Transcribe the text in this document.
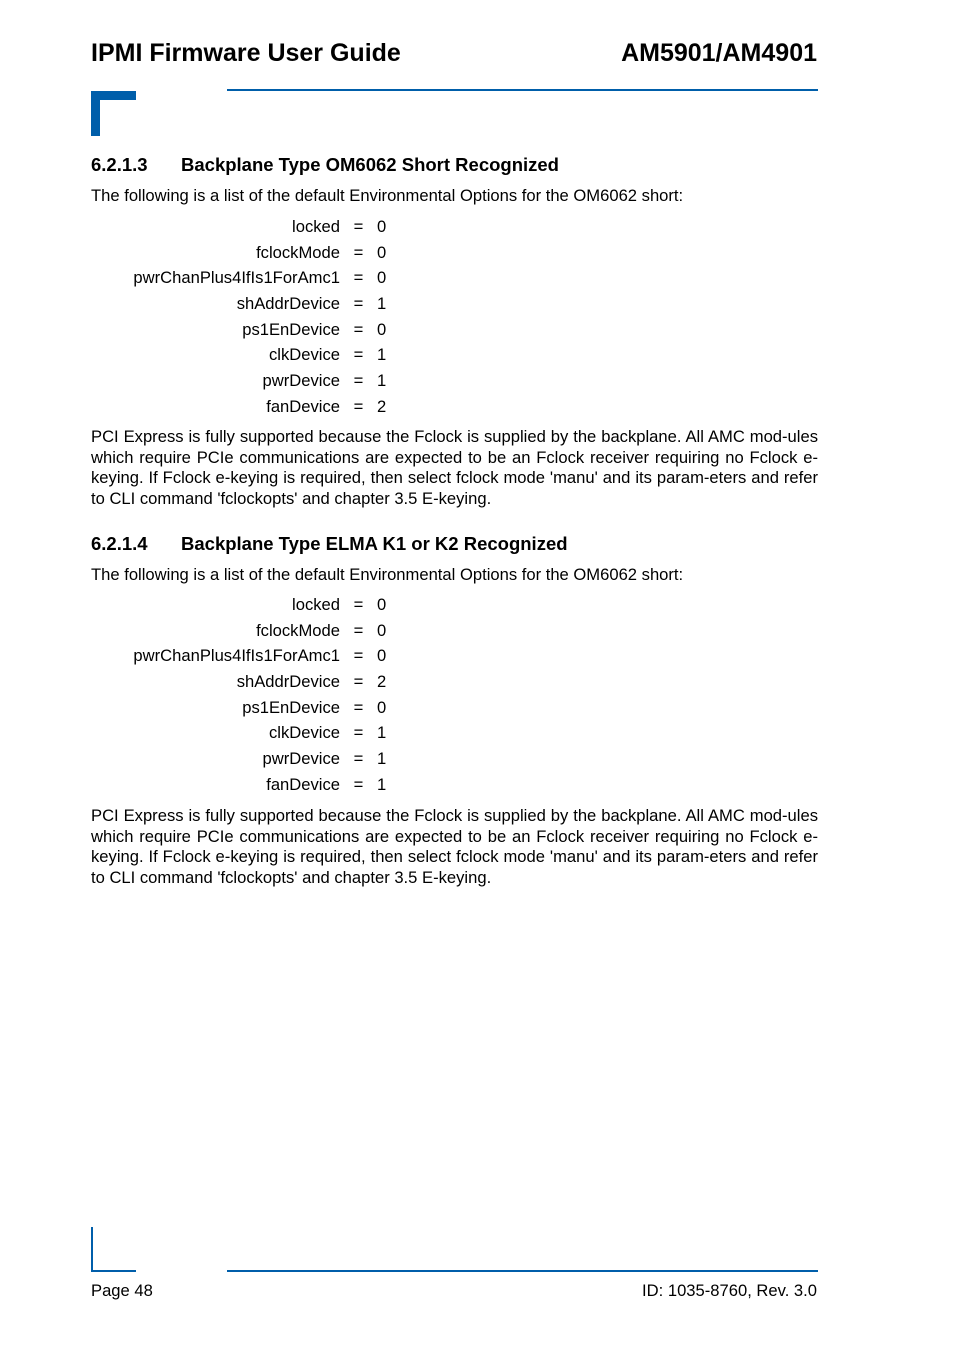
IPMI Firmware User Guide	AM5901/AM4901
6.2.1.3 Backplane Type OM6062 Short Recognized
The following is a list of the default Environmental Options for the OM6062 short:
locked = 0
fclockMode = 0
pwrChanPlus4IfIs1ForAmc1 = 0
shAddrDevice = 1
ps1EnDevice = 0
clkDevice = 1
pwrDevice = 1
fanDevice = 2
PCI Express is fully supported because the Fclock is supplied by the backplane. All AMC mod-ules which require PCIe communications are expected to be an Fclock receiver requiring no Fclock e-keying. If Fclock e-keying is required, then select fclock mode 'manu' and its param-eters and refer to CLI command 'fclockopts' and chapter 3.5 E-keying.
6.2.1.4 Backplane Type ELMA K1 or K2 Recognized
The following is a list of the default Environmental Options for the OM6062 short:
locked = 0
fclockMode = 0
pwrChanPlus4IfIs1ForAmc1 = 0
shAddrDevice = 2
ps1EnDevice = 0
clkDevice = 1
pwrDevice = 1
fanDevice = 1
PCI Express is fully supported because the Fclock is supplied by the backplane. All AMC mod-ules which require PCIe communications are expected to be an Fclock receiver requiring no Fclock e-keying. If Fclock e-keying is required, then select fclock mode 'manu' and its param-eters and refer to CLI command 'fclockopts' and chapter 3.5 E-keying.
Page 48	ID: 1035-8760, Rev. 3.0
